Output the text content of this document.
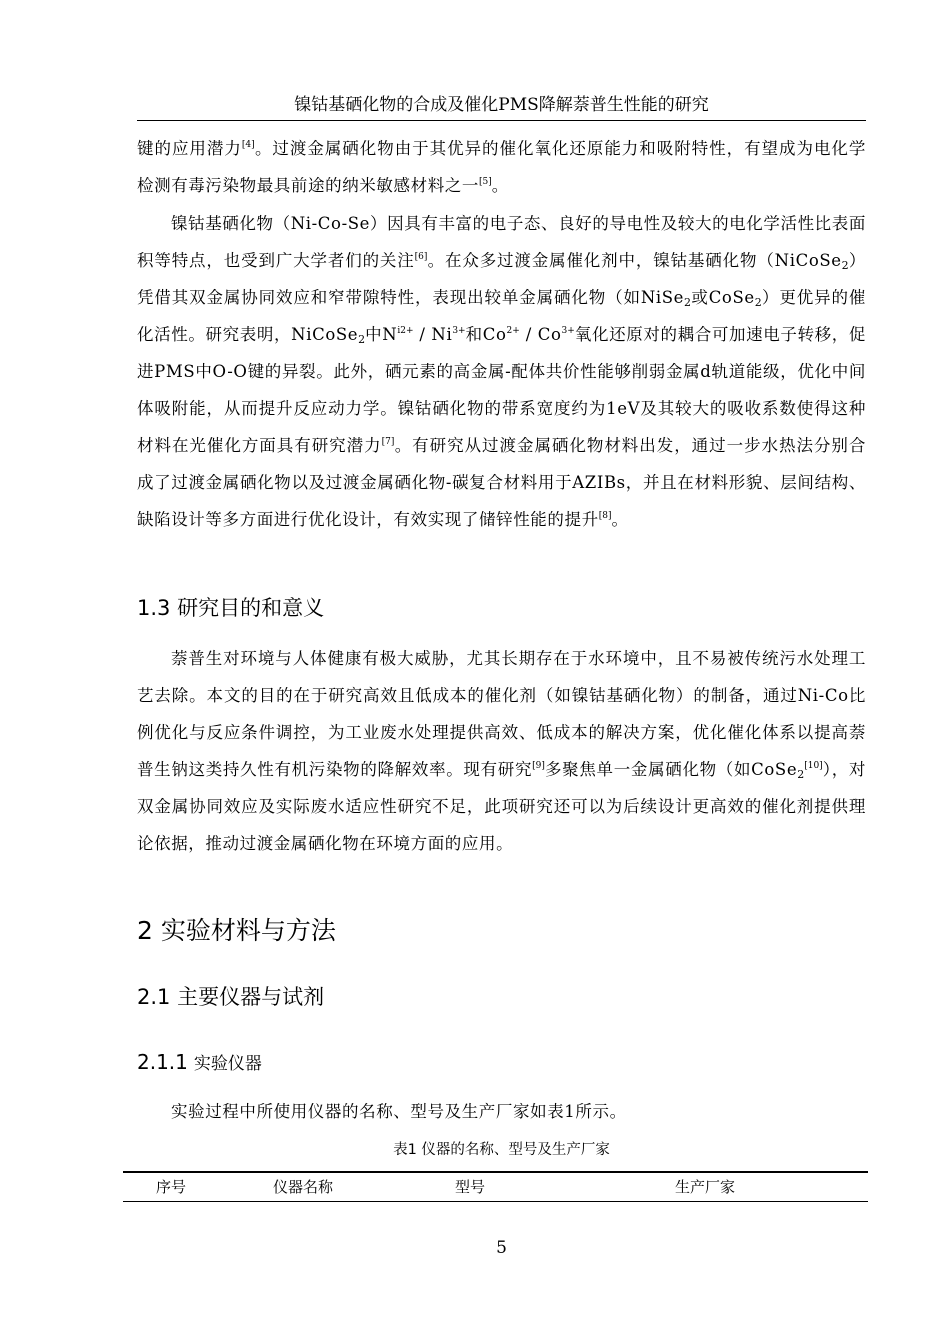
镍钴基硒化物的合成及催化PMS降解萘普生性能的研究

键的应用潜力[4]。过渡金属硒化物由于其优异的催化氧化还原能力和吸附特性，有望成为电化学检测有毒污染物最具前途的纳米敏感材料之一[5]。

镍钴基硒化物（Ni-Co-Se）因具有丰富的电子态、良好的导电性及较大的电化学活性比表面积等特点，也受到广大学者们的关注[6]。在众多过渡金属催化剂中，镍钴基硒化物（NiCoSe$_2$）凭借其双金属协同效应和窄带隙特性，表现出较单金属硒化物（如NiSe$_2$或CoSe$_2$）更优异的催化活性。研究表明，NiCoSe$_2$中$N^{i2+} / Ni^{3+}$和$Co^{2+} / Co^{3+}$氧化还原对的耦合可加速电子转移，促进PMS中O-O键的异裂。此外，硒元素的高金属-配体共价性能够削弱金属d轨道能级，优化中间体吸附能，从而提升反应动力学。镍钴硒化物的带系宽度约为1eV及其较大的吸收系数使得这种材料在光催化方面具有研究潜力[7]。有研究从过渡金属硒化物材料出发，通过一步水热法分别合成了过渡金属硒化物以及过渡金属硒化物-碳复合材料用于AZIBs，并且在材料形貌、层间结构、缺陷设计等多方面进行优化设计，有效实现了储锌性能的提升[8]。

1.3 研究目的和意义

萘普生对环境与人体健康有极大威胁，尤其长期存在于水环境中，且不易被传统污水处理工艺去除。本文的目的在于研究高效且低成本的催化剂（如镍钴基硒化物）的制备，通过Ni-Co比例优化与反应条件调控，为工业废水处理提供高效、低成本的解决方案，优化催化体系以提高萘普生钠这类持久性有机污染物的降解效率。现有研究[9]多聚焦单一金属硒化物（如CoSe$_2$[10]），对双金属协同效应及实际废水适应性研究不足，此项研究还可以为后续设计更高效的催化剂提供理论依据，推动过渡金属硒化物在环境方面的应用。

2 实验材料与方法
2.1 主要仪器与试剂
2.1.1 实验仪器

实验过程中所使用仪器的名称、型号及生产厂家如表1所示。

表1 仪器的名称、型号及生产厂家
序号	仪器名称	型号	生产厂家
5
